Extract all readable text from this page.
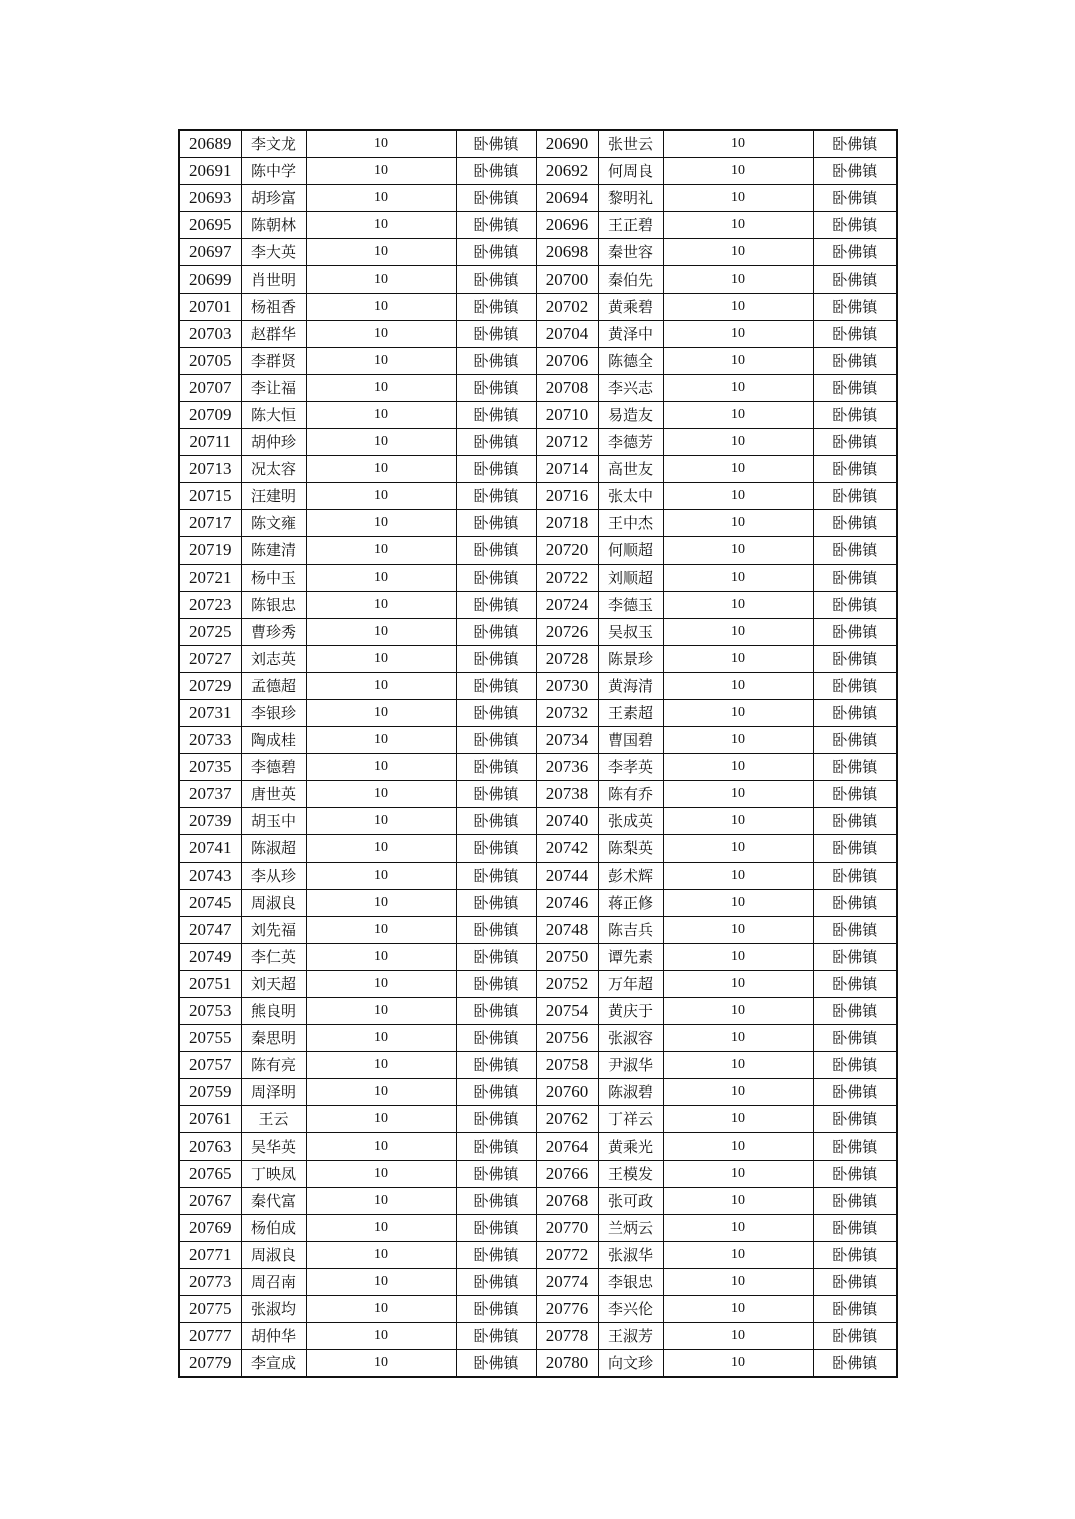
20689	李文龙	10	卧佛镇	20690	张世云	10	卧佛镇
20691	陈中学	10	卧佛镇	20692	何周良	10	卧佛镇
20693	胡珍富	10	卧佛镇	20694	黎明礼	10	卧佛镇
20695	陈朝林	10	卧佛镇	20696	王正碧	10	卧佛镇
20697	李大英	10	卧佛镇	20698	秦世容	10	卧佛镇
20699	肖世明	10	卧佛镇	20700	秦伯先	10	卧佛镇
20701	杨祖香	10	卧佛镇	20702	黄乘碧	10	卧佛镇
20703	赵群华	10	卧佛镇	20704	黄泽中	10	卧佛镇
20705	李群贤	10	卧佛镇	20706	陈德全	10	卧佛镇
20707	李让福	10	卧佛镇	20708	李兴志	10	卧佛镇
20709	陈大恒	10	卧佛镇	20710	易造友	10	卧佛镇
20711	胡仲珍	10	卧佛镇	20712	李德芳	10	卧佛镇
20713	况太容	10	卧佛镇	20714	高世友	10	卧佛镇
20715	汪建明	10	卧佛镇	20716	张太中	10	卧佛镇
20717	陈文雍	10	卧佛镇	20718	王中杰	10	卧佛镇
20719	陈建清	10	卧佛镇	20720	何顺超	10	卧佛镇
20721	杨中玉	10	卧佛镇	20722	刘顺超	10	卧佛镇
20723	陈银忠	10	卧佛镇	20724	李德玉	10	卧佛镇
20725	曹珍秀	10	卧佛镇	20726	吴叔玉	10	卧佛镇
20727	刘志英	10	卧佛镇	20728	陈景珍	10	卧佛镇
20729	孟德超	10	卧佛镇	20730	黄海清	10	卧佛镇
20731	李银珍	10	卧佛镇	20732	王素超	10	卧佛镇
20733	陶成桂	10	卧佛镇	20734	曹国碧	10	卧佛镇
20735	李德碧	10	卧佛镇	20736	李孝英	10	卧佛镇
20737	唐世英	10	卧佛镇	20738	陈有乔	10	卧佛镇
20739	胡玉中	10	卧佛镇	20740	张成英	10	卧佛镇
20741	陈淑超	10	卧佛镇	20742	陈梨英	10	卧佛镇
20743	李从珍	10	卧佛镇	20744	彭术辉	10	卧佛镇
20745	周淑良	10	卧佛镇	20746	蒋正修	10	卧佛镇
20747	刘先福	10	卧佛镇	20748	陈吉兵	10	卧佛镇
20749	李仁英	10	卧佛镇	20750	谭先素	10	卧佛镇
20751	刘天超	10	卧佛镇	20752	万年超	10	卧佛镇
20753	熊良明	10	卧佛镇	20754	黄庆于	10	卧佛镇
20755	秦思明	10	卧佛镇	20756	张淑容	10	卧佛镇
20757	陈有亮	10	卧佛镇	20758	尹淑华	10	卧佛镇
20759	周泽明	10	卧佛镇	20760	陈淑碧	10	卧佛镇
20761	王云	10	卧佛镇	20762	丁祥云	10	卧佛镇
20763	吴华英	10	卧佛镇	20764	黄乘光	10	卧佛镇
20765	丁映凤	10	卧佛镇	20766	王模发	10	卧佛镇
20767	秦代富	10	卧佛镇	20768	张可政	10	卧佛镇
20769	杨伯成	10	卧佛镇	20770	兰炳云	10	卧佛镇
20771	周淑良	10	卧佛镇	20772	张淑华	10	卧佛镇
20773	周召南	10	卧佛镇	20774	李银忠	10	卧佛镇
20775	张淑均	10	卧佛镇	20776	李兴伦	10	卧佛镇
20777	胡仲华	10	卧佛镇	20778	王淑芳	10	卧佛镇
20779	李宣成	10	卧佛镇	20780	向文珍	10	卧佛镇
